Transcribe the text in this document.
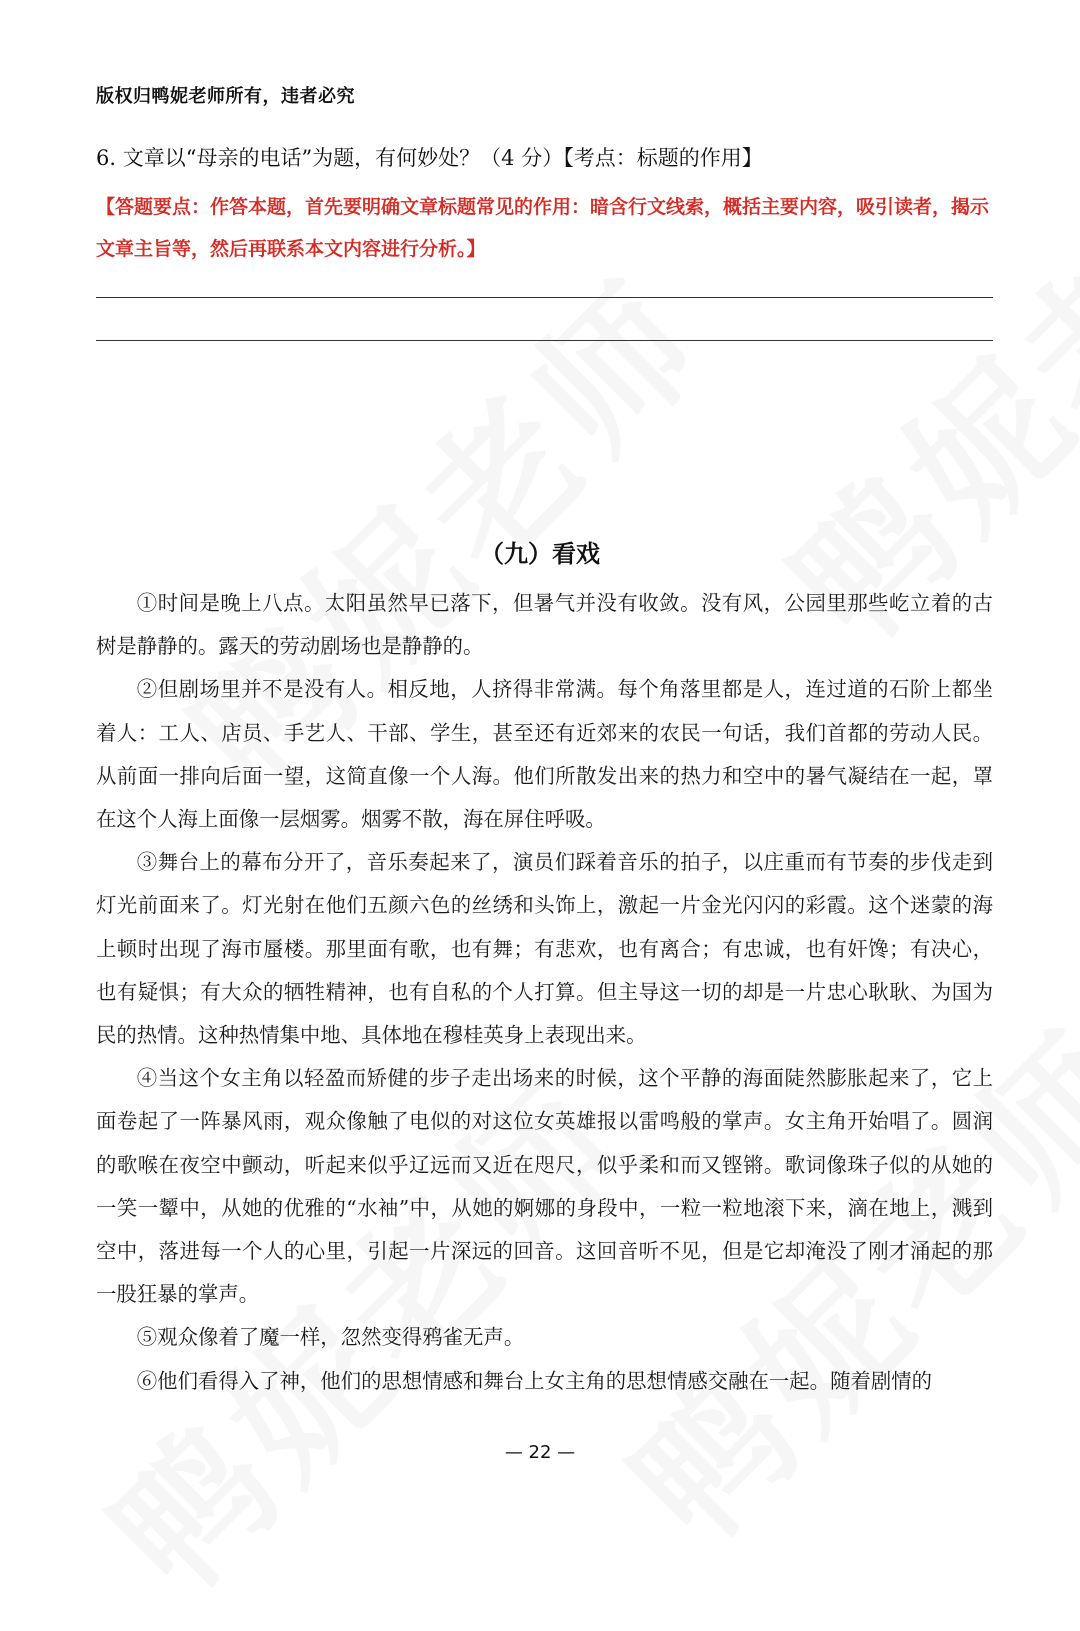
版权归鸭妮老师所有，违者必究
6. 文章以“母亲的电话”为题，有何妙处？（4 分）【考点：标题的作用】
【答题要点：作答本题，首先要明确文章标题常见的作用：暗含行文线索，概括主要内容，吸引读者，揭示文章主旨等，然后再联系本文内容进行分析。】
（九）看戏

①时间是晚上八点。太阳虽然早已落下，但暑气并没有收敛。没有风，公园里那些屹立着的古树是静静的。露天的劳动剧场也是静静的。

②但剧场里并不是没有人。相反地，人挤得非常满。每个角落里都是人，连过道的石阶上都坐着人：工人、店员、手艺人、干部、学生，甚至还有近郊来的农民一句话，我们首都的劳动人民。从前面一排向后面一望，这简直像一个人海。他们所散发出来的热力和空中的暑气凝结在一起，罩在这个人海上面像一层烟雾。烟雾不散，海在屏住呼吸。

③舞台上的幕布分开了，音乐奏起来了，演员们踩着音乐的拍子，以庄重而有节奏的步伐走到灯光前面来了。灯光射在他们五颜六色的丝绣和头饰上，激起一片金光闪闪的彩霞。这个迷蒙的海上顿时出现了海市蜃楼。那里面有歌，也有舞；有悲欢，也有离合；有忠诚，也有奸馋；有决心，也有疑惧；有大众的牺牲精神，也有自私的个人打算。但主导这一切的却是一片忠心耿耿、为国为民的热情。这种热情集中地、具体地在穆桂英身上表现出来。

④当这个女主角以轻盈而矫健的步子走出场来的时候，这个平静的海面陡然膨胀起来了，它上面卷起了一阵暴风雨，观众像触了电似的对这位女英雄报以雷鸣般的掌声。女主角开始唱了。圆润的歌喉在夜空中颤动，听起来似乎辽远而又近在咫尺，似乎柔和而又铿锵。歌词像珠子似的从她的一笑一颦中，从她的优雅的“水袖”中，从她的婀娜的身段中，一粒一粒地滚下来，滴在地上，溅到空中，落进每一个人的心里，引起一片深远的回音。这回音听不见，但是它却淹没了刚才涌起的那一股狂暴的掌声。

⑤观众像着了魔一样，忽然变得鸦雀无声。

⑥他们看得入了神，他们的思想情感和舞台上女主角的思想情感交融在一起。随着剧情的

— 22 —
